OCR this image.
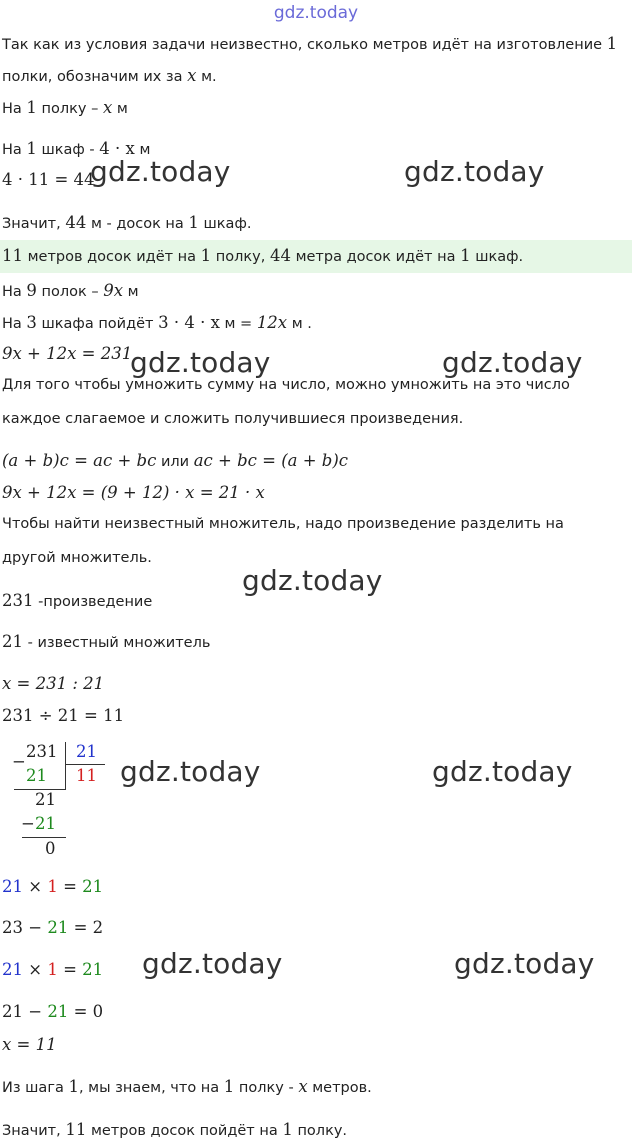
gdz.today
Так как из условия задачи неизвестно, сколько метров идёт на изготовление 1
полки, обозначим их за x м.
На 1 полку – x м
На 1 шкаф - 4 · x м
4 · 11 = 44
gdz.today	gdz.today
Значит, 44 м - досок на 1 шкаф.
11 метров досок идёт на 1 полку, 44 метра досок идёт на 1 шкаф.
На 9 полок – 9x м
На 3 шкафа пойдёт 3 · 4 · x м = 12x м .
9x + 12x = 231
gdz.today	gdz.today
Для того чтобы умножить сумму на число, можно умножить на это число
каждое слагаемое и сложить получившиеся произведения.
(a + b)c = ac + bc или ac + bc = (a + b)c
9x + 12x = (9 + 12) · x = 21 · x
Чтобы найти неизвестный множитель, надо произведение разделить на
другой множитель.
gdz.today
231 -произведение
21 - известный множитель
x = 231 : 21
231 ÷ 21 = 11
−
231 21
11
21
21
− 21
0
gdz.today	gdz.today
21 × 1 = 21
23 − 21 = 2
21 × 1 = 21 gdz.today	gdz.today
21 − 21 = 0
x = 11
Из шага 1, мы знаем, что на 1 полку - x метров.
Значит, 11 метров досок пойдёт на 1 полку.
